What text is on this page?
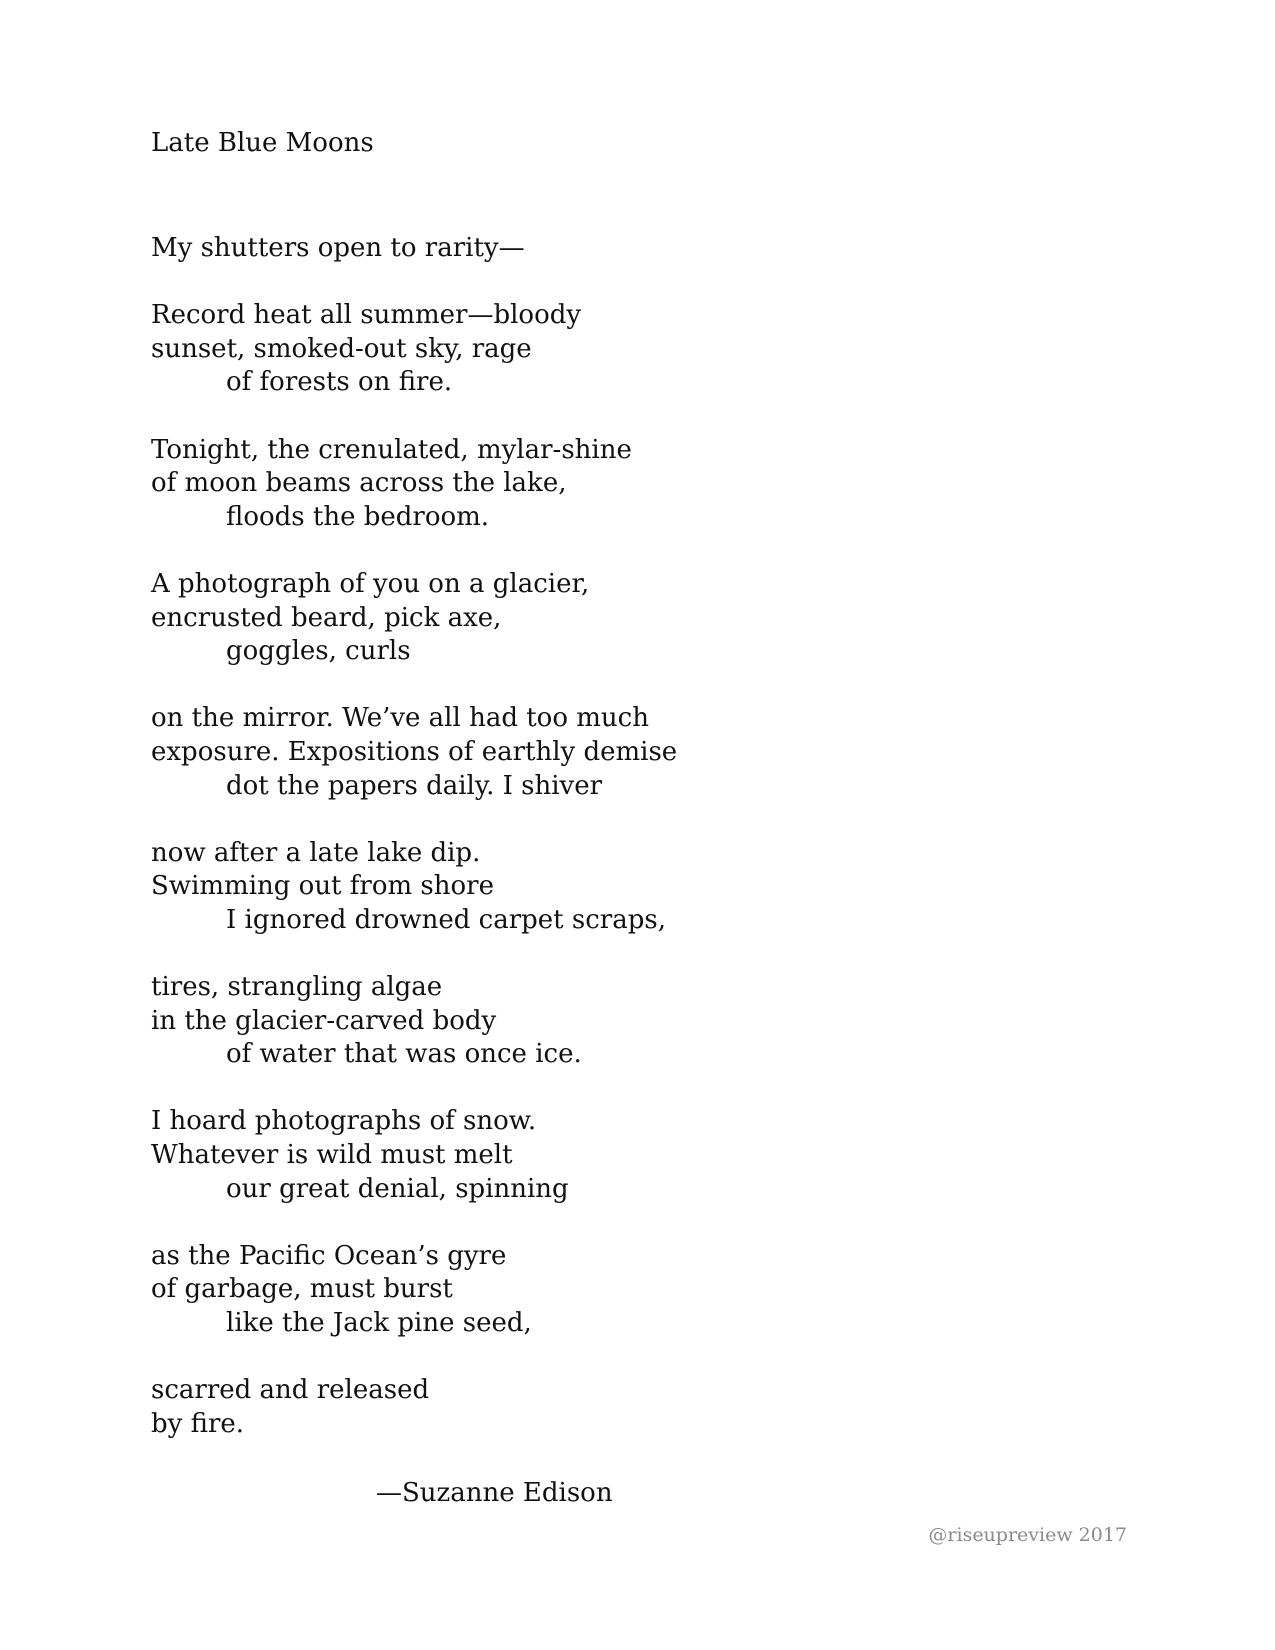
Late Blue Moons
My shutters open to rarity—
Record heat all summer—bloody
sunset, smoked-out sky, rage
of forests on fire.
Tonight, the crenulated, mylar-shine
of moon beams across the lake,
floods the bedroom.
A photograph of you on a glacier,
encrusted beard, pick axe,
goggles, curls
on the mirror. We’ve all had too much
exposure. Expositions of earthly demise
dot the papers daily. I shiver
now after a late lake dip.
Swimming out from shore
I ignored drowned carpet scraps,
tires, strangling algae
in the glacier-carved body
of water that was once ice.
I hoard photographs of snow.
Whatever is wild must melt
our great denial, spinning
as the Pacific Ocean’s gyre
of garbage, must burst
like the Jack pine seed,
scarred and released
by fire.
—Suzanne Edison
@riseupreview 2017
